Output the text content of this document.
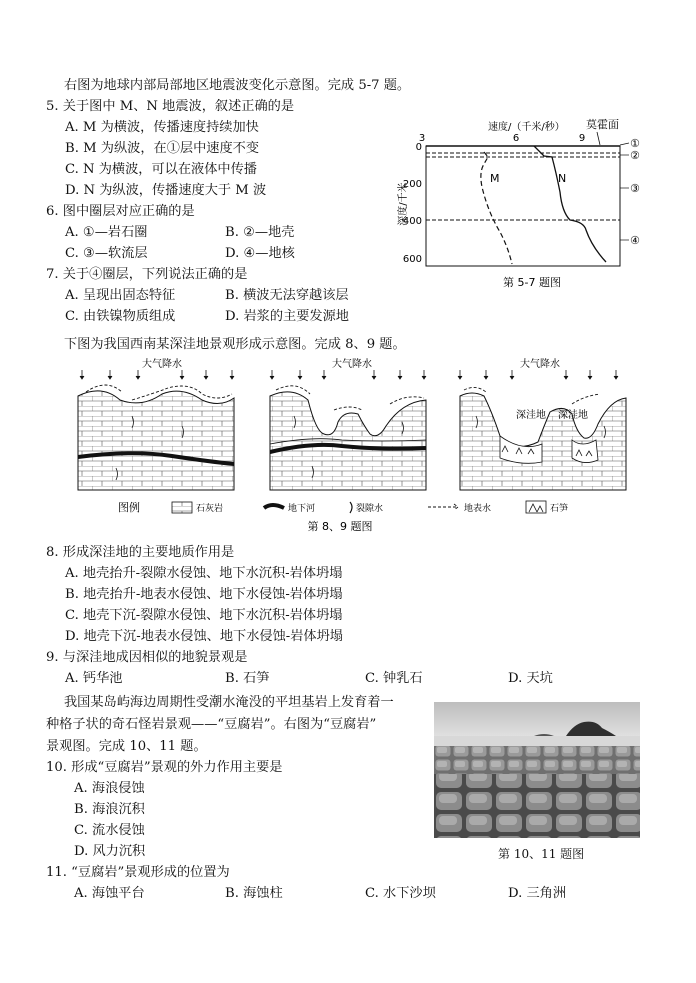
右图为地球内部局部地区地震波变化示意图。完成 5-7 题。
5. 关于图中 M、N 地震波，叙述正确的是
A. M 为横波，传播速度持续加快
B. M 为纵波，在①层中速度不变
C. N 为横波，可以在液体中传播
D. N 为纵波，传播速度大于 M 波
6. 图中圈层对应正确的是
A. ①—岩石圈	B. ②—地壳
C. ③—软流层	D. ④—地核
7. 关于④圈层，下列说法正确的是
A. 呈现出固态特征	B. 横波无法穿越该层
C. 由铁镍物质组成	D. 岩浆的主要发源地
速度/（千米/秒） 莫霍面
3	6	9
深度/千米
0
200
400
600
M	N
①
②
③
④
第 5-7 题图
下图为我国西南某深洼地景观形成示意图。完成 8、9 题。
大气降水	大气降水	大气降水
深洼地 深洼地
图例	石灰岩	地下河	裂隙水	地表水	石笋
第 8、9 题图
8. 形成深洼地的主要地质作用是
A. 地壳抬升-裂隙水侵蚀、地下水沉积-岩体坍塌
B. 地壳抬升-地表水侵蚀、地下水侵蚀-岩体坍塌
C. 地壳下沉-裂隙水侵蚀、地下水沉积-岩体坍塌
D. 地壳下沉-地表水侵蚀、地下水侵蚀-岩体坍塌
9. 与深洼地成因相似的地貌景观是
A. 钙华池	B. 石笋	C. 钟乳石	D. 天坑
我国某岛屿海边周期性受潮水淹没的平坦基岩上发育着一
种格子状的奇石怪岩景观——“豆腐岩”。右图为“豆腐岩”
景观图。完成 10、11 题。
10. 形成“豆腐岩”景观的外力作用主要是
A. 海浪侵蚀
B. 海浪沉积
C. 流水侵蚀
D. 风力沉积
11. “豆腐岩”景观形成的位置为
A. 海蚀平台	B. 海蚀柱	C. 水下沙坝	D. 三角洲
第 10、11 题图
